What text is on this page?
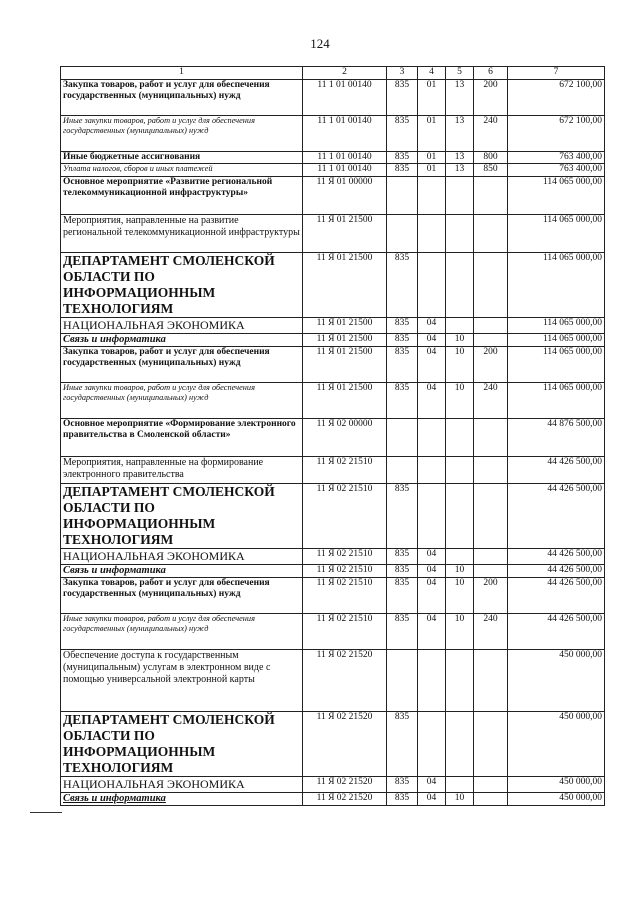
124
1	2	3	4	5	6	7
Закупка товаров, работ и услуг для обеспечения государственных (муниципальных) нужд	11 1 01 00140	835	01	13	200	672 100,00
Иные закупки товаров, работ и услуг для обеспечения государственных (муниципальных) нужд	11 1 01 00140	835	01	13	240	672 100,00
Иные бюджетные ассигнования	11 1 01 00140	835	01	13	800	763 400,00
Уплата налогов, сборов и иных платежей	11 1 01 00140	835	01	13	850	763 400,00
Основное мероприятие «Развитие региональной телекоммуникационной инфраструктуры»	11 Я 01 00000					114 065 000,00
Мероприятия, направленные на развитие региональной телекоммуникационной инфраструктуры	11 Я 01 21500					114 065 000,00
ДЕПАРТАМЕНТ СМОЛЕНСКОЙ ОБЛАСТИ ПО ИНФОРМАЦИОННЫМ ТЕХНОЛОГИЯМ	11 Я 01 21500	835				114 065 000,00
НАЦИОНАЛЬНАЯ ЭКОНОМИКА	11 Я 01 21500	835	04			114 065 000,00
Связь и информатика	11 Я 01 21500	835	04	10		114 065 000,00
Закупка товаров, работ и услуг для обеспечения государственных (муниципальных) нужд	11 Я 01 21500	835	04	10	200	114 065 000,00
Иные закупки товаров, работ и услуг для обеспечения государственных (муниципальных) нужд	11 Я 01 21500	835	04	10	240	114 065 000,00
Основное мероприятие «Формирование электронного правительства в Смоленской области»	11 Я 02 00000					44 876 500,00
Мероприятия, направленные на формирование электронного правительства	11 Я 02 21510					44 426 500,00
ДЕПАРТАМЕНТ СМОЛЕНСКОЙ ОБЛАСТИ ПО ИНФОРМАЦИОННЫМ ТЕХНОЛОГИЯМ	11 Я 02 21510	835				44 426 500,00
НАЦИОНАЛЬНАЯ ЭКОНОМИКА	11 Я 02 21510	835	04			44 426 500,00
Связь и информатика	11 Я 02 21510	835	04	10		44 426 500,00
Закупка товаров, работ и услуг для обеспечения государственных (муниципальных) нужд	11 Я 02 21510	835	04	10	200	44 426 500,00
Иные закупки товаров, работ и услуг для обеспечения государственных (муниципальных) нужд	11 Я 02 21510	835	04	10	240	44 426 500,00
Обеспечение доступа к государственным (муниципальным) услугам в электронном виде с помощью универсальной электронной карты	11 Я 02 21520					450 000,00
ДЕПАРТАМЕНТ СМОЛЕНСКОЙ ОБЛАСТИ ПО ИНФОРМАЦИОННЫМ ТЕХНОЛОГИЯМ	11 Я 02 21520	835				450 000,00
НАЦИОНАЛЬНАЯ ЭКОНОМИКА	11 Я 02 21520	835	04			450 000,00
Связь и информатика	11 Я 02 21520	835	04	10		450 000,00
